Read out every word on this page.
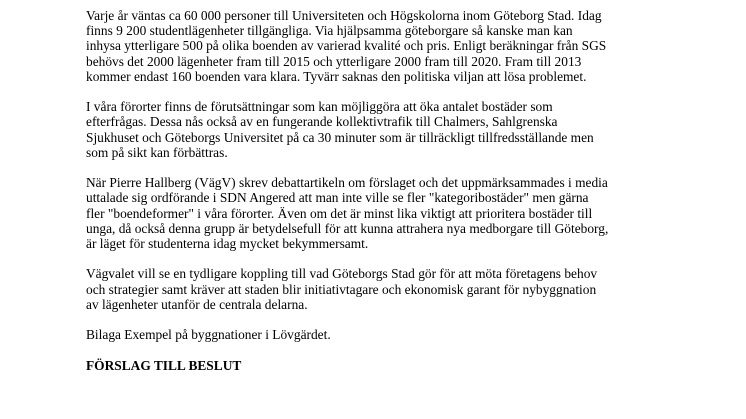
Varje år väntas ca 60 000 personer till Universiteten och Högskolorna inom Göteborg Stad. Idag
finns 9 200 studentlägenheter tillgängliga. Via hjälpsamma göteborgare så kanske man kan
inhysa ytterligare 500 på olika boenden av varierad kvalité och pris. Enligt beräkningar från SGS
behövs det 2000 lägenheter fram till 2015 och ytterligare 2000 fram till 2020. Fram till 2013
kommer endast 160 boenden vara klara. Tyvärr saknas den politiska viljan att lösa problemet.

I våra förorter finns de förutsättningar som kan möjliggöra att öka antalet bostäder som
efterfrågas. Dessa nås också av en fungerande kollektivtrafik till Chalmers, Sahlgrenska
Sjukhuset och Göteborgs Universitet på ca 30 minuter som är tillräckligt tillfredsställande men
som på sikt kan förbättras.

När Pierre Hallberg (VägV) skrev debattartikeln om förslaget och det uppmärksammades i media
uttalade sig ordförande i SDN Angered att man inte ville se fler "kategoribostäder" men gärna
fler "boendeformer" i våra förorter. Även om det är minst lika viktigt att prioritera bostäder till
unga, då också denna grupp är betydelsefull för att kunna attrahera nya medborgare till Göteborg,
är läget för studenterna idag mycket bekymmersamt.

Vägvalet vill se en tydligare koppling till vad Göteborgs Stad gör för att möta företagens behov
och strategier samt kräver att staden blir initiativtagare och ekonomisk garant för nybyggnation
av lägenheter utanför de centrala delarna.

Bilaga Exempel på byggnationer i Lövgärdet.

FÖRSLAG TILL BESLUT
